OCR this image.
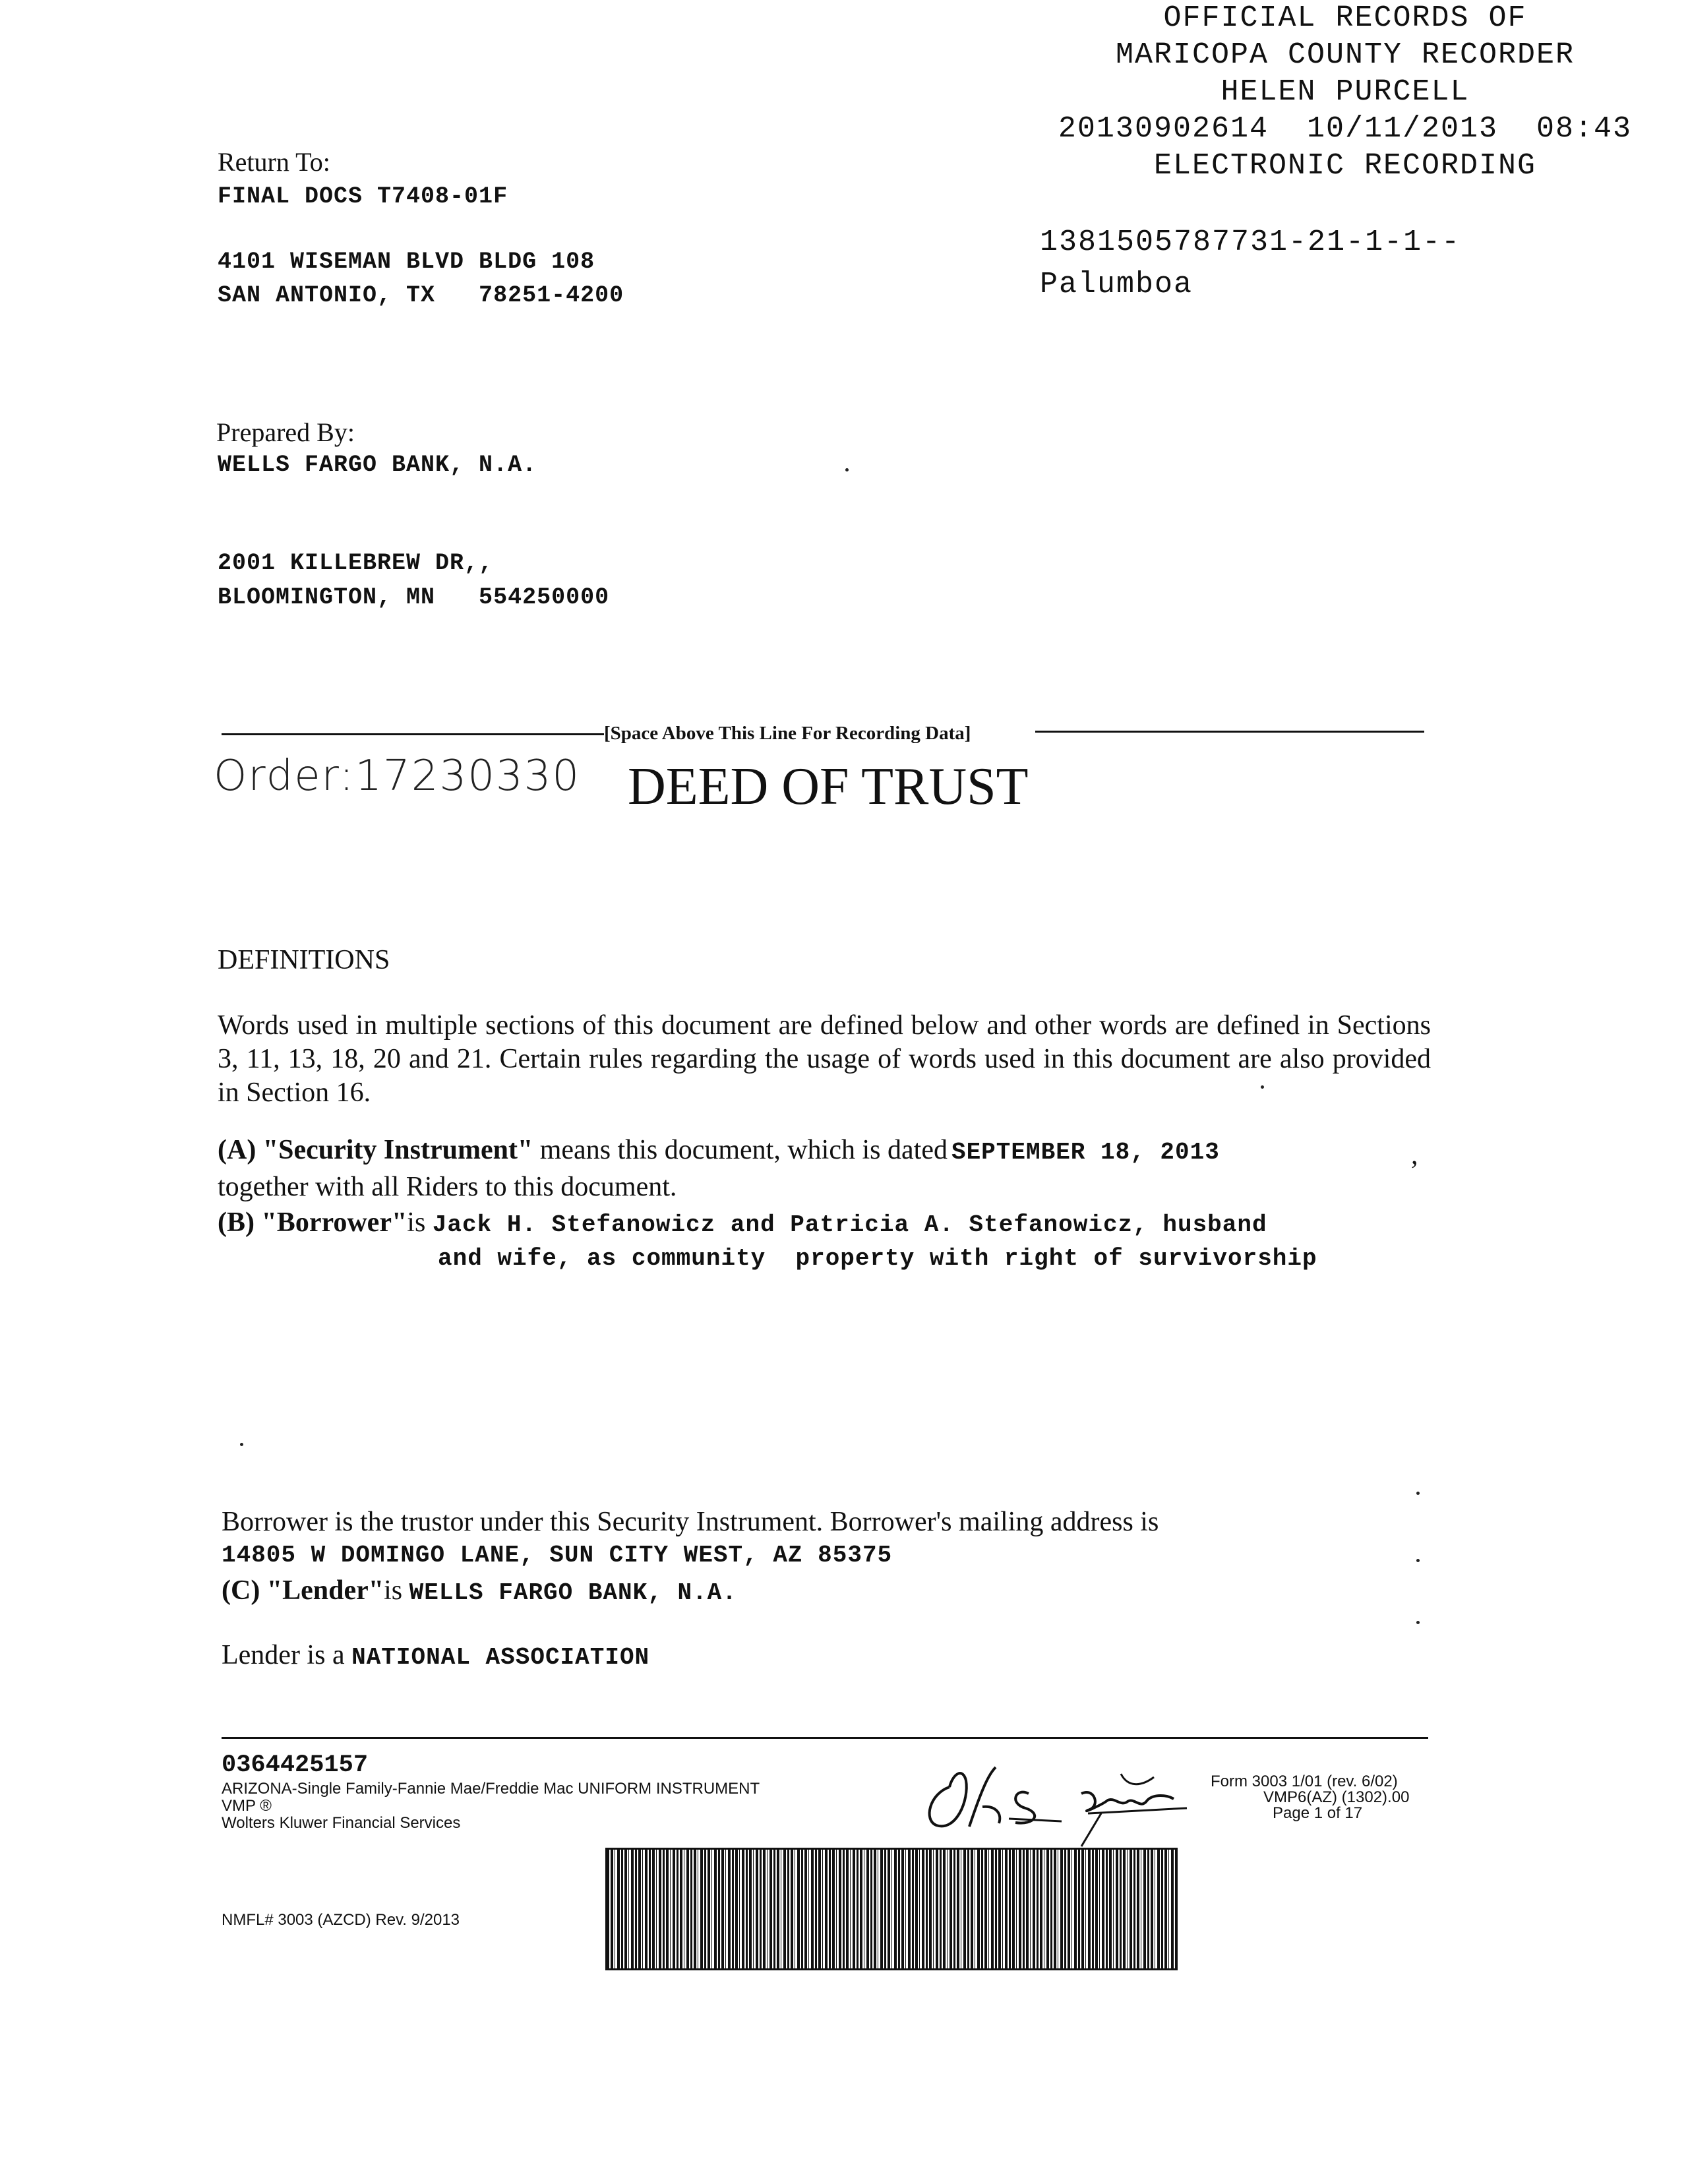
OFFICIAL RECORDS OF
MARICOPA COUNTY RECORDER
HELEN PURCELL
20130902614  10/11/2013  08:43
ELECTRONIC RECORDING
1381505787731-21-1-1--
Palumboa
Return To:
FINAL DOCS T7408-01F
4101 WISEMAN BLVD BLDG 108
SAN ANTONIO, TX   78251-4200
Prepared By:
WELLS FARGO BANK, N.A.
2001 KILLEBREW DR,,
BLOOMINGTON, MN   554250000
[Space Above This Line For Recording Data]
Order:17230330 DEED OF TRUST
DEFINITIONS
Words used in multiple sections of this document are defined below and other words are defined in Sections 3, 11, 13, 18, 20 and 21. Certain rules regarding the usage of words used in this document are also provided in Section 16.
(A) "Security Instrument" means this document, which is dated SEPTEMBER 18, 2013	,
together with all Riders to this document.
(B) "Borrower"is Jack H. Stefanowicz and Patricia A. Stefanowicz, husband
and wife, as community  property with right of survivorship
Borrower is the trustor under this Security Instrument. Borrower's mailing address is
14805 W DOMINGO LANE, SUN CITY WEST, AZ 85375
(C) "Lender"is WELLS FARGO BANK, N.A.
Lender is a NATIONAL ASSOCIATION
0364425157
ARIZONA-Single Family-Fannie Mae/Freddie Mac UNIFORM INSTRUMENT
VMP ®
Wolters Kluwer Financial Services
Form 3003 1/01 (rev. 6/02)
VMP6(AZ) (1302).00
Page 1 of 17
NMFL# 3003 (AZCD) Rev. 9/2013
